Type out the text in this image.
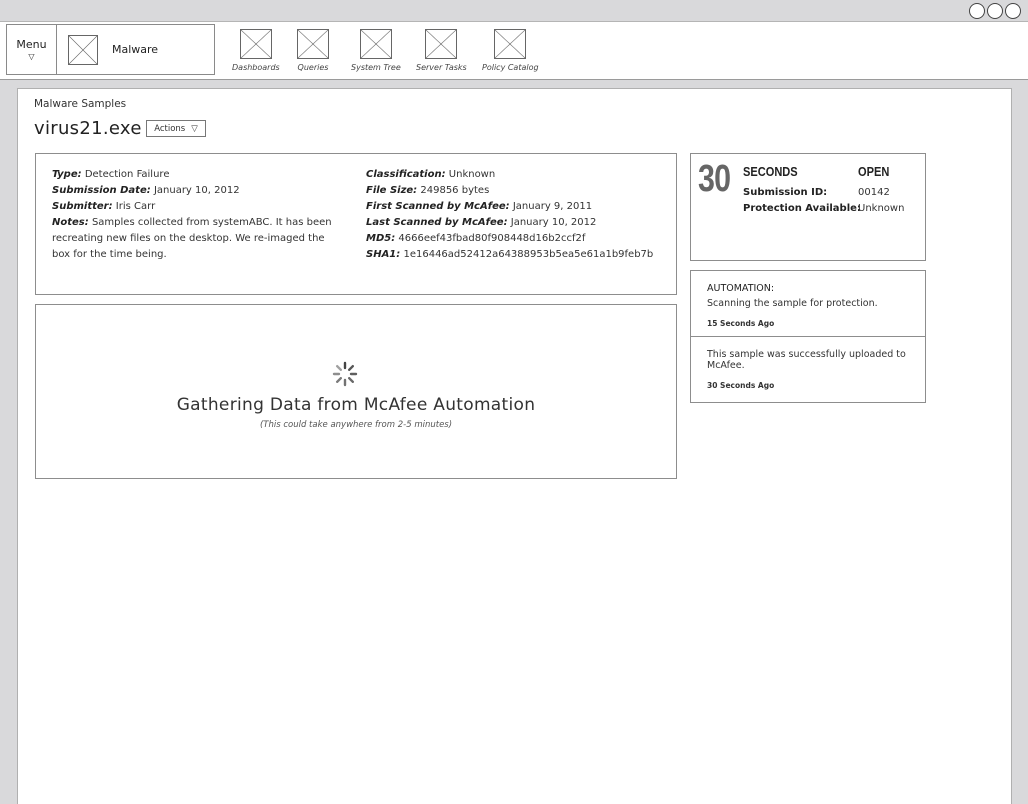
Menu
▽
Malware
Dashboards Queries	System Tree Server Tasks Policy Catalog
Malware Samples
virus21.exe Actions ▽
Type: Detection Failure
Submission Date: January 10, 2012
Submitter: Iris Carr
Notes: Samples collected from systemABC. It has been recreating new files on the desktop. We re-imaged the box for the time being.
Classification: Unknown
File Size: 249856 bytes
First Scanned by McAfee: January 9, 2011
Last Scanned by McAfee: January 10, 2012
MD5: 4666eef43fbad80f908448d16b2ccf2f
SHA1: 1e16446ad52412a64388953b5ea5e61a1b9feb7b
Gathering Data from McAfee Automation
(This could take anywhere from 2-5 minutes)
30 SECONDS	OPEN
Submission ID:	00142
Protection Available:
Unknown
AUTOMATION:
Scanning the sample for protection.
15 Seconds Ago
This sample was successfully uploaded to McAfee.
30 Seconds Ago
